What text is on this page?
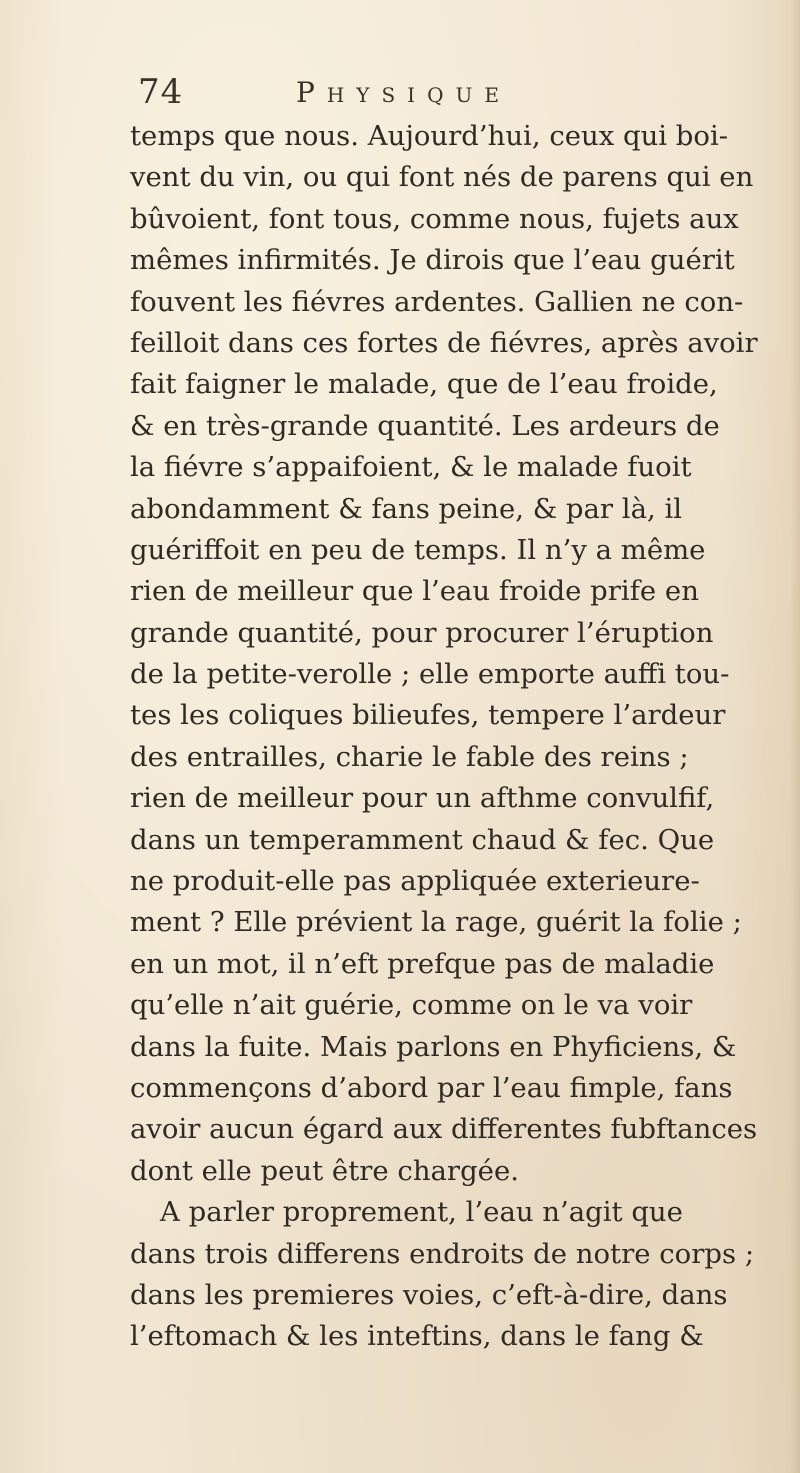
74	Physique
temps que nous. Aujourd’hui, ceux qui boi-
vent du vin, ou qui font nés de parens qui en
bûvoient, font tous, comme nous, fujets aux
mêmes infirmités. Je dirois que l’eau guérit
fouvent les fiévres ardentes. Gallien ne con-
feilloit dans ces fortes de fiévres, après avoir
fait faigner le malade, que de l’eau froide,
& en très-grande quantité. Les ardeurs de
la fiévre s’appaifoient, & le malade fuoit
abondamment & fans peine, & par là, il
guériffoit en peu de temps. Il n’y a même
rien de meilleur que l’eau froide prife en
grande quantité, pour procurer l’éruption
de la petite-verolle ; elle emporte auffi tou-
tes les coliques bilieufes, tempere l’ardeur
des entrailles, charie le fable des reins ;
rien de meilleur pour un afthme convulfif,
dans un temperamment chaud & fec. Que
ne produit-elle pas appliquée exterieure-
ment ? Elle prévient la rage, guérit la folie ;
en un mot, il n’eft prefque pas de maladie
qu’elle n’ait guérie, comme on le va voir
dans la fuite. Mais parlons en Phyficiens, &
commençons d’abord par l’eau fimple, fans
avoir aucun égard aux differentes fubftances
dont elle peut être chargée.
A parler proprement, l’eau n’agit que
dans trois differens endroits de notre corps ;
dans les premieres voies, c’eft-à-dire, dans
l’eftomach & les inteftins, dans le fang &
